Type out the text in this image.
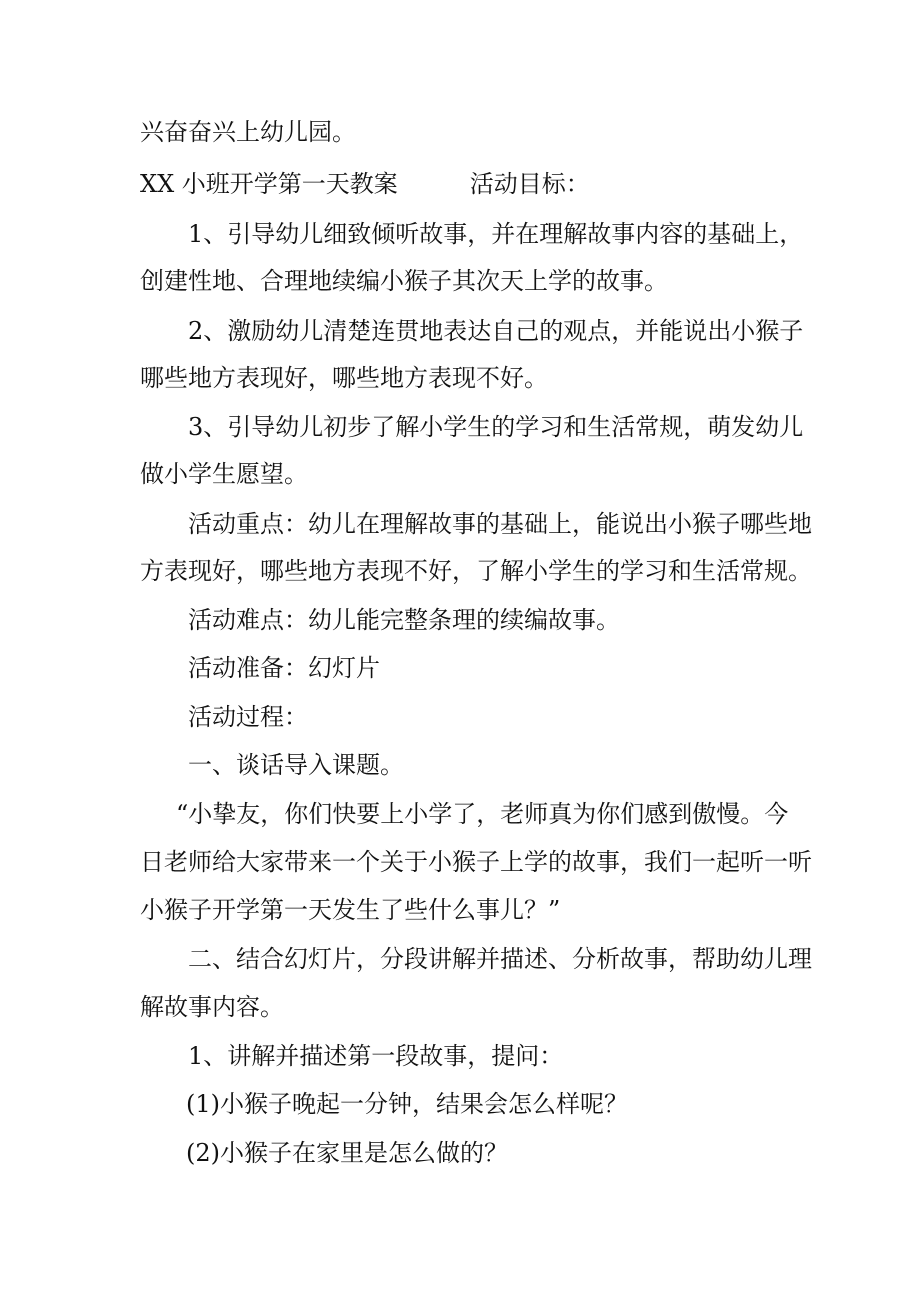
兴奋奋兴上幼儿园。
XX 小班开学第一天教案　　　活动目标：
1、引导幼儿细致倾听故事，并在理解故事内容的基础上，
创建性地、合理地续编小猴子其次天上学的故事。
2、激励幼儿清楚连贯地表达自己的观点，并能说出小猴子
哪些地方表现好，哪些地方表现不好。
3、引导幼儿初步了解小学生的学习和生活常规，萌发幼儿
做小学生愿望。
活动重点：幼儿在理解故事的基础上，能说出小猴子哪些地
方表现好，哪些地方表现不好，了解小学生的学习和生活常规。
活动难点：幼儿能完整条理的续编故事。
活动准备：幻灯片
活动过程：
一、谈话导入课题。
“小挚友，你们快要上小学了，老师真为你们感到傲慢。今
日老师给大家带来一个关于小猴子上学的故事，我们一起听一听
小猴子开学第一天发生了些什么事儿？”
二、结合幻灯片，分段讲解并描述、分析故事，帮助幼儿理
解故事内容。
1、讲解并描述第一段故事，提问：
(1)小猴子晚起一分钟，结果会怎么样呢？
(2)小猴子在家里是怎么做的？
